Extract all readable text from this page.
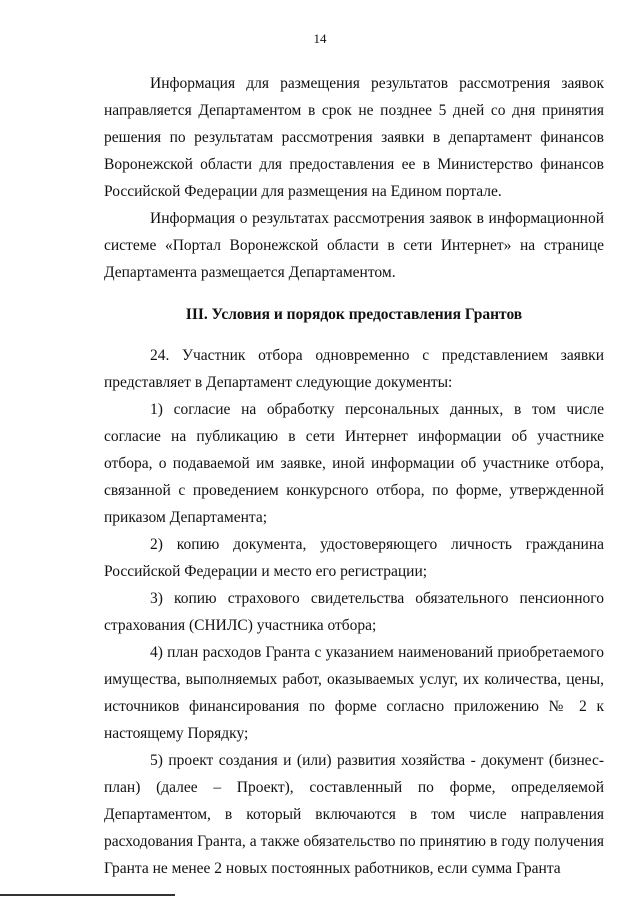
14

Информация для размещения результатов рассмотрения заявок направляется Департаментом в срок не позднее 5 дней со дня принятия решения по результатам рассмотрения заявки в департамент финансов Воронежской области для предоставления ее в Министерство финансов Российской Федерации для размещения на Едином портале.

Информация о результатах рассмотрения заявок в информационной системе «Портал Воронежской области в сети Интернет» на странице Департамента размещается Департаментом.

III. Условия и порядок предоставления Грантов

24. Участник отбора одновременно с представлением заявки представляет в Департамент следующие документы:

1) согласие на обработку персональных данных, в том числе согласие на публикацию в сети Интернет информации об участнике отбора, о подаваемой им заявке, иной информации об участнике отбора, связанной с проведением конкурсного отбора, по форме, утвержденной приказом Департамента;

2) копию документа, удостоверяющего личность гражданина Российской Федерации и место его регистрации;

3) копию страхового свидетельства обязательного пенсионного страхования (СНИЛС) участника отбора;

4) план расходов Гранта с указанием наименований приобретаемого имущества, выполняемых работ, оказываемых услуг, их количества, цены, источников финансирования по форме согласно приложению № 2 к настоящему Порядку;

5) проект создания и (или) развития хозяйства - документ (бизнес-план) (далее – Проект), составленный по форме, определяемой Департаментом, в который включаются в том числе направления расходования Гранта, а также обязательство по принятию в году получения Гранта не менее 2 новых постоянных работников, если сумма Гранта
